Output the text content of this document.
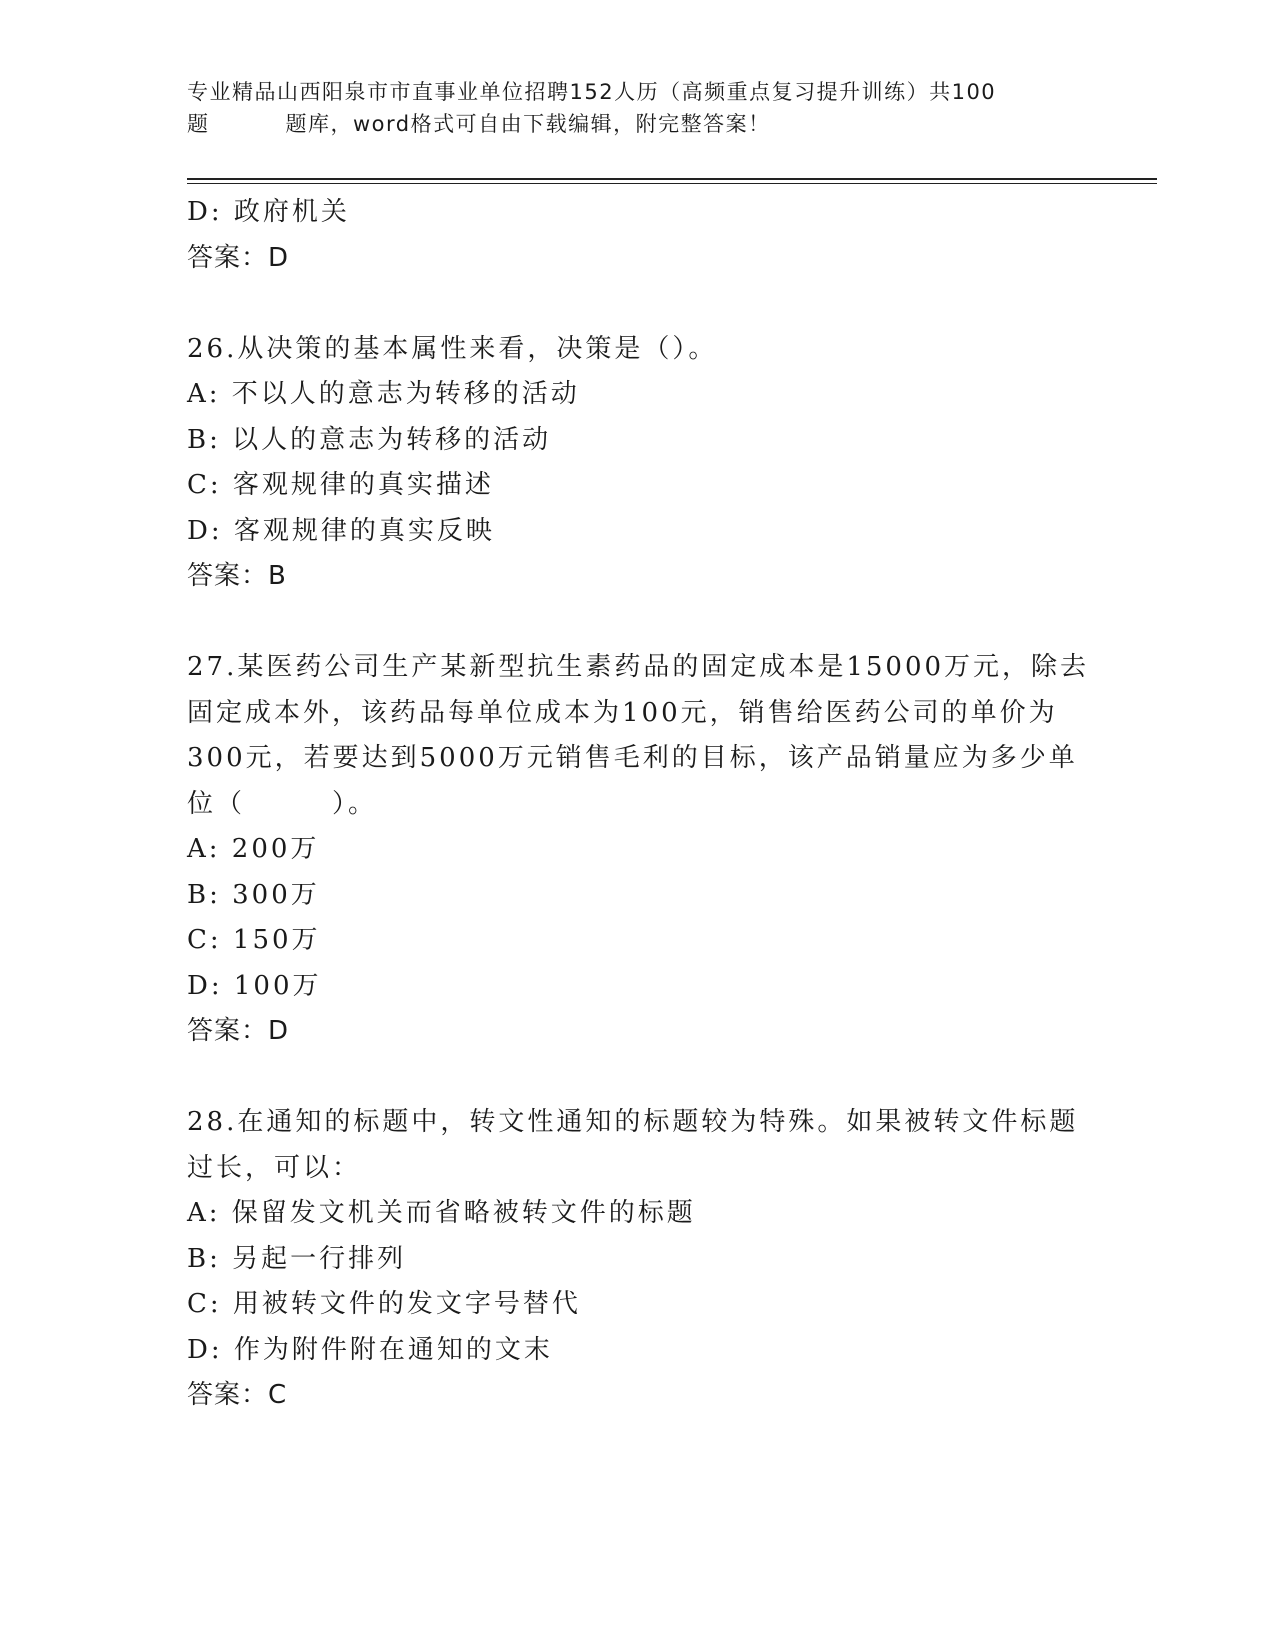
专业精品山西阳泉市市直事业单位招聘152人历（高频重点复习提升训练）共100
题	题库，word格式可自由下载编辑，附完整答案！
D: 政府机关
答案：D
26.从决策的基本属性来看，决策是（）。
A: 不以人的意志为转移的活动
B: 以人的意志为转移的活动
C: 客观规律的真实描述
D: 客观规律的真实反映
答案：B
27.某医药公司生产某新型抗生素药品的固定成本是15000万元，除去
固定成本外，该药品每单位成本为100元，销售给医药公司的单价为
300元，若要达到5000万元销售毛利的目标，该产品销量应为多少单
位（　　　）。
A: 200万
B: 300万
C: 150万
D: 100万
答案：D
28.在通知的标题中，转文性通知的标题较为特殊。如果被转文件标题
过长，可以：
A: 保留发文机关而省略被转文件的标题
B: 另起一行排列
C: 用被转文件的发文字号替代
D: 作为附件附在通知的文末
答案：C
